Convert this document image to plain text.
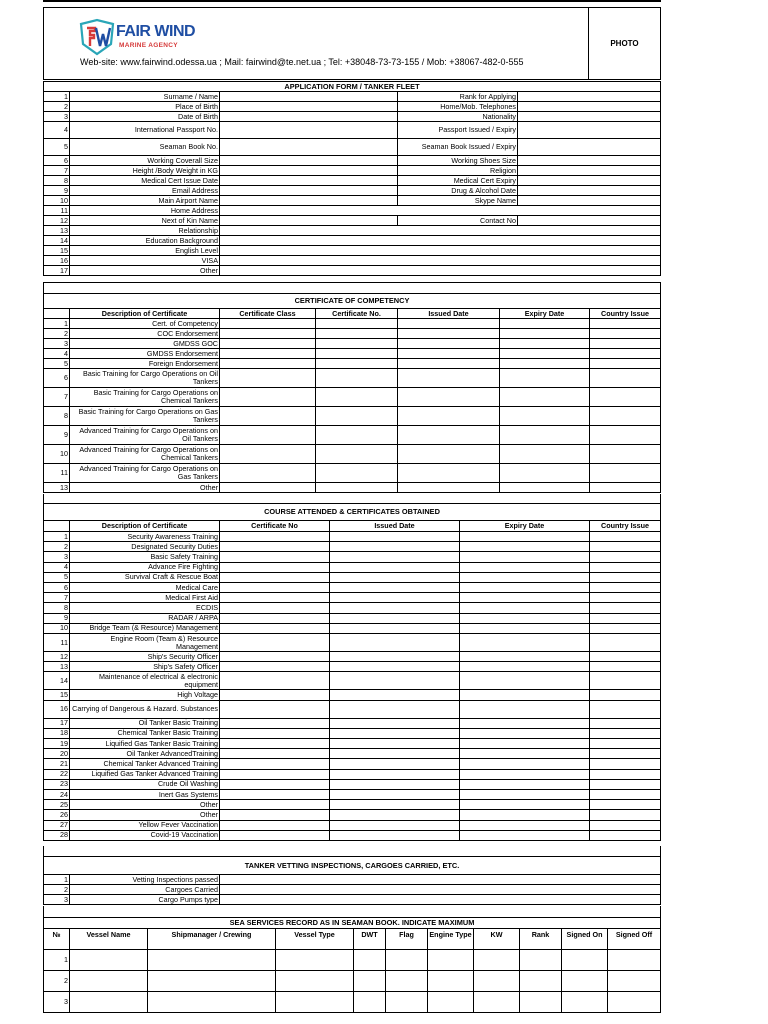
PHOTO
FAIR WIND
MARINE AGENCY
Web-site: www.fairwind.odessa.ua ; Mail: fairwind@te.net.ua ; Tel: +38048-73-73-155 / Mob: +38067-482-0-555
APPLICATION FORM / TANKER FLEET
1	Surname / Name	Rank for Applying
2	Place of Birth	Home/Mob. Telephones
3	Date of Birth	Nationality
4	International Passport No.	Passport Issued / Expiry
5	Seaman Book No.	Seaman Book Issued / Expiry
6	Working Coverall Size	Working Shoes Size
7	Height /Body Weight in KG	Religion
8	Medical Cert Issue Date	Medical Cert Expiry
9	Email Address	Drug & Alcohol Date
10	Main Airport Name	Skype Name
11	Home Address
12	Next of Kin Name	Contact No
13	Relationship
14	Education Background
15	English Level
16	VISA
17	Other
CERTIFICATE OF COMPETENCY
Description of Certificate	Certificate Class	Certificate No.	Issued Date	Expiry Date	Country Issue
1	Cert. of Competency
2	COC Endorsement
3	GMDSS GOC
4	GMDSS Endorsement
5	Foreign Endorsement
6	Basic Training for Cargo Operations on Oil Tankers
7	Basic Training for Cargo Operations on Chemical Tankers
8	Basic Training for Cargo Operations on Gas Tankers
9	Advanced Training for Cargo Operations on Oil Tankers
10	Advanced Training for Cargo Operations on Chemical Tankers
11	Advanced Training for Cargo Operations on Gas Tankers
13	Other
COURSE ATTENDED & CERTIFICATES OBTAINED
Description of Certificate	Certificate No	Issued Date	Expiry Date	Country Issue
1	Security Awareness Training
2	Designated Security Duties
3	Basic Safety Training
4	Advance Fire Fighting
5	Survival Craft & Rescue Boat
6	Medical Care
7	Medical First Aid
8	ECDIS
9	RADAR / ARPA
10	Bridge Team (& Resource) Management
11	Engine Room (Team &) Resource Management
12	Ship's Security Officer
13	Ship's Safety Officer
14	Maintenance of electrical & electronic equipment
15	High Voltage
16 Carrying of Dangerous & Hazard. Substances
17	Oil Tanker Basic Training
18	Chemical Tanker Basic Training
19	Liquified Gas Tanker Basic Training
20	Oil Tanker AdvancedTraining
21	Chemical Tanker Advanced Training
22	Liquified Gas Tanker Advanced Training
23	Crude Oil Washing
24	Inert Gas Systems
25	Other
26	Other
27	Yellow Fever Vaccination
28	Covid-19 Vaccination
TANKER VETTING INSPECTIONS, CARGOES CARRIED, ETC.
1	Vetting Inspections passed
2	Cargoes Carried
3	Cargo Pumps type
SEA SERVICES RECORD AS IN SEAMAN BOOK. INDICATE MAXIMUM
№	Vessel Name	Shipmanager / Crewing	Vessel Type	DWT	Flag	Engine Type	KW	Rank	Signed On	Signed Off
1
2
3
